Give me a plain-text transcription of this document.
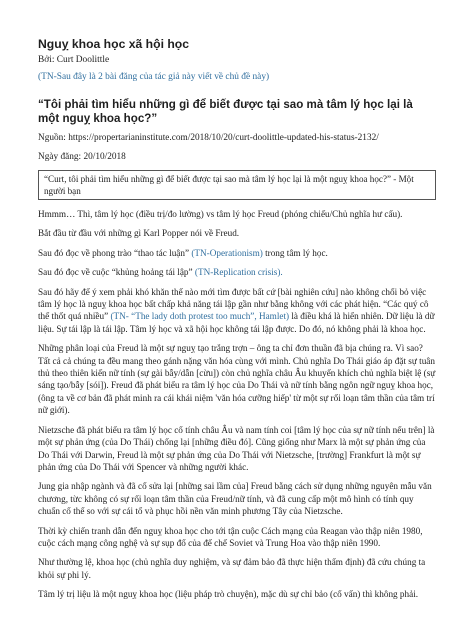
Nguỵ khoa học xã hội học
Bởi: Curt Doolittle
(TN-Sau đây là 2 bài đăng của tác giả này viết về chủ đề này)
“Tôi phải tìm hiểu những gì để biết được tại sao mà tâm lý học lại là một nguỵ khoa học?”
Nguồn: https://propertarianinstitute.com/2018/10/20/curt-doolittle-updated-his-status-2132/
Ngày đăng: 20/10/2018
“Curt, tôi phải tìm hiểu những gì để biết được tại sao mà tâm lý học lại là một nguỵ khoa học?” - Một người bạn

Hmmm… Thì, tâm lý học (điều trị/đo lường) vs tâm lý học Freud (phóng chiếu/Chủ nghĩa hư cấu).

Bắt đầu từ đầu với những gì Karl Popper nói về Freud.

Sau đó đọc về phong trào “thao tác luận” (TN-Operationism) trong tâm lý học.

Sau đó đọc về cuộc “khủng hoảng tái lập” (TN-Replication crisis).

Sau đó hãy để ý xem phải khó khăn thế nào mới tìm được bất cứ [bài nghiên cứu] nào không chối bỏ việc tâm lý học là nguỵ khoa học bất chấp khả năng tái lập gần như bằng không với các phát hiện. “Các quý cô thể thốt quá nhiều” (TN- “The lady doth protest too much”, Hamlet) là điều khá là hiển nhiên. Dữ liệu là dữ liệu. Sự tái lập là tái lập. Tâm lý học và xã hội học không tái lập được. Do đó, nó không phải là khoa học.

Những phân loại của Freud là một sự nguỵ tạo trắng trợn – ông ta chỉ đơn thuần đã bịa chúng ra. Vì sao? Tất cả cả chúng ta đều mang theo gánh nặng văn hóa cùng với mình. Chủ nghĩa Do Thái giáo áp đặt sự tuân thủ theo thiên kiến nữ tính (sự gài bẫy/dẫn [cừu]) còn chủ nghĩa châu Âu khuyến khích chủ nghĩa biệt lệ (sự sáng tạo/bẫy [sói]). Freud đã phát biểu ra tâm lý học của Do Thái và nữ tính bằng ngôn ngữ nguỵ khoa học, (ông ta về cơ bản đã phát minh ra cái khái niệm 'văn hóa cưỡng hiếp' từ một sự rối loạn tâm thần của tâm trí nữ giới).

Nietzsche đã phát biểu ra tâm lý học cổ tính châu Âu và nam tính coi [tâm lý học của sự nữ tính nếu trên] là một sự phản ứng (của Do Thái) chống lại [những điều đó]. Cũng giống như Marx là một sự phản ứng của Do Thái với Darwin, Freud là một sự phản ứng của Do Thái với Nietzsche, [trường] Frankfurt là một sự phản ứng của Do Thái với Spencer và những người khác.

Jung gia nhập ngành và đã cố sửa lại [những sai lầm của] Freud bằng cách sử dụng những nguyên mẫu văn chương, từc không có sự rối loạn tâm thần của Freud/nữ tính, và đã cung cấp một mô hình có tính quy chuẩn cổ thể so với sự cái tổ và phục hồi nền văn minh phương Tây của Nietzsche.

Thời kỳ chiến tranh dẫn đến nguỵ khoa học cho tới tận cuộc Cách mạng của Reagan vào thập niên 1980, cuộc cách mạng công nghệ và sự sụp đổ của đế chế Soviet và Trung Hoa vào thập niên 1990.

Như thường lệ, khoa học (chủ nghĩa duy nghiệm, và sự đảm bảo đã thực hiện thẩm định) đã cứu chúng ta khỏi sự phi lý.

Tâm lý trị liệu là một nguỵ khoa học (liệu pháp trò chuyện), mặc dù sự chỉ bảo (cố vấn) thì không phải.
